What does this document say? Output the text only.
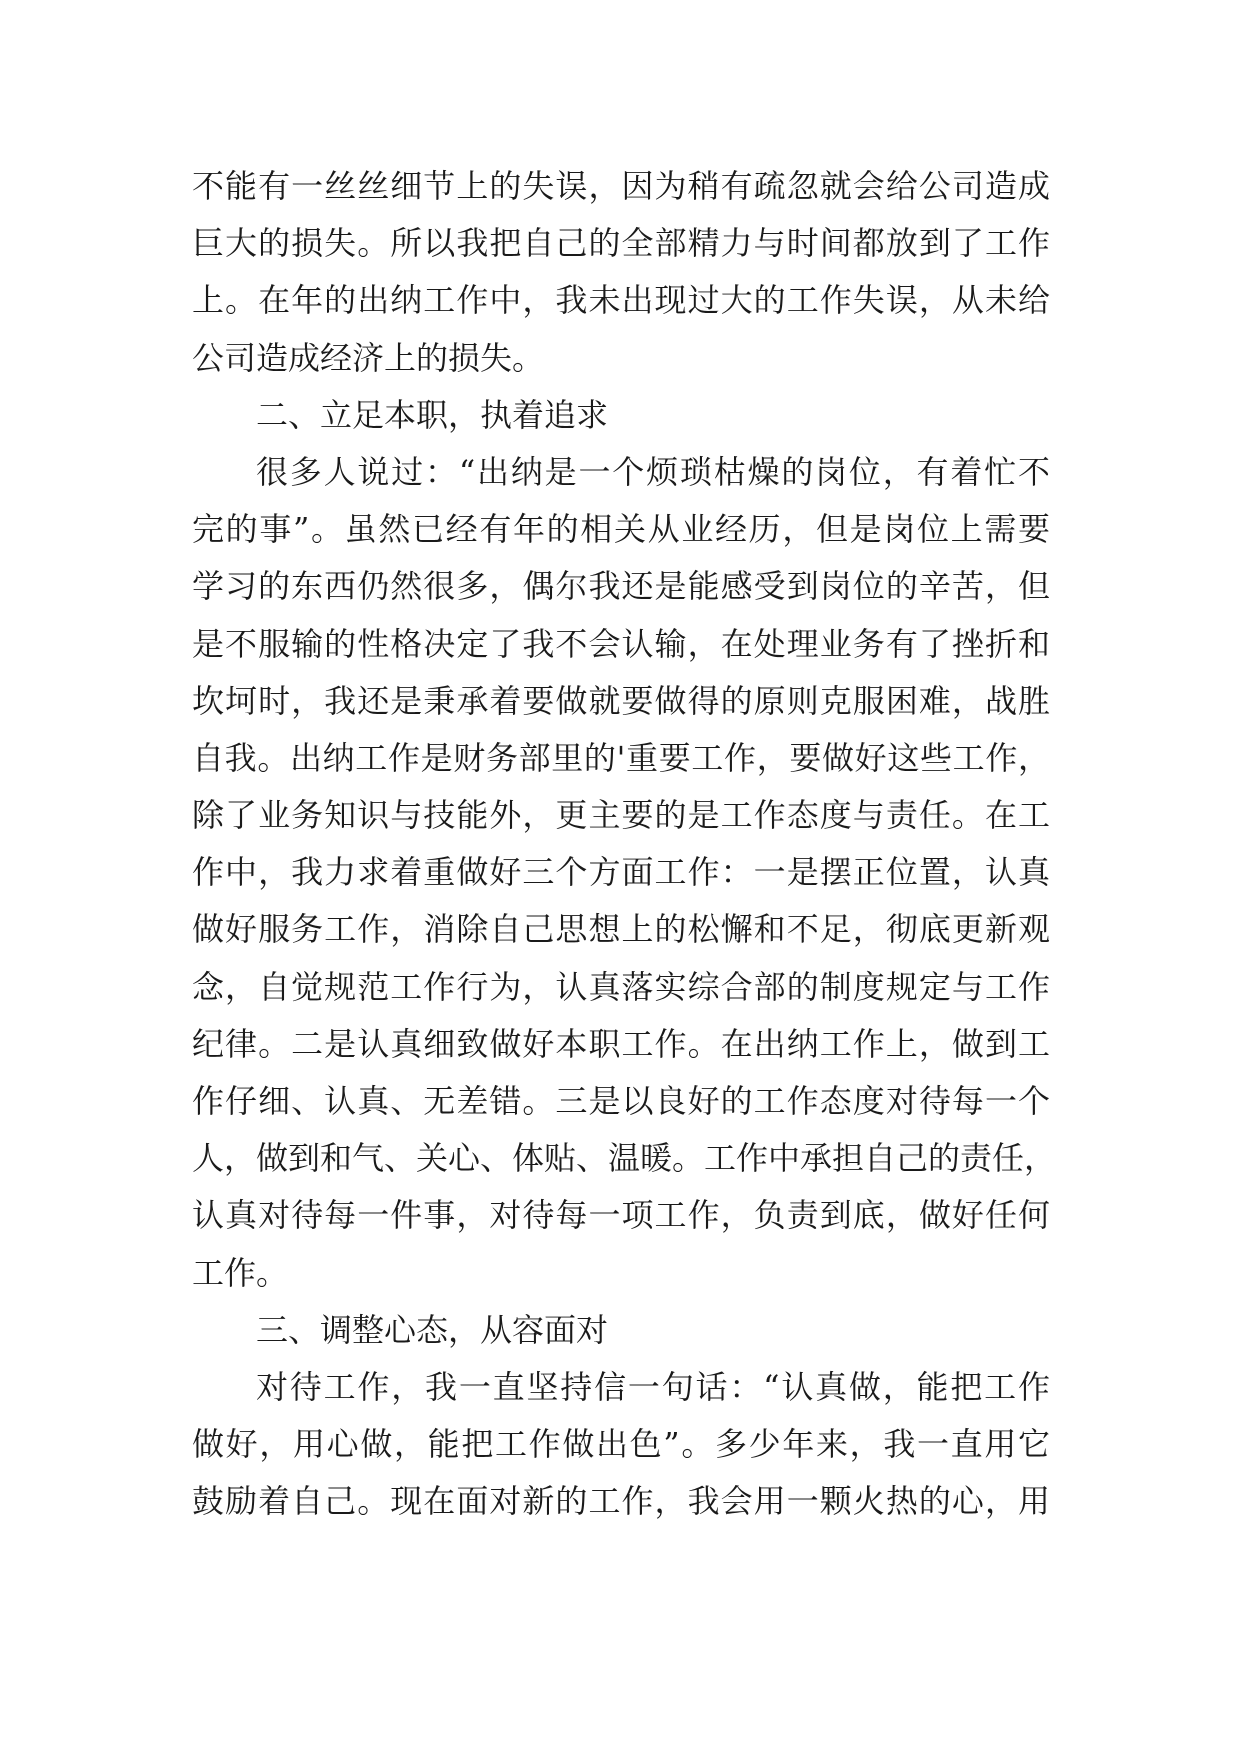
不能有一丝丝细节上的失误，因为稍有疏忽就会给公司造成
巨大的损失。所以我把自己的全部精力与时间都放到了工作
上。在年的出纳工作中，我未出现过大的工作失误，从未给
公司造成经济上的损失。
二、立足本职，执着追求
很多人说过：“出纳是一个烦琐枯燥的岗位，有着忙不
完的事”。虽然已经有年的相关从业经历，但是岗位上需要
学习的东西仍然很多，偶尔我还是能感受到岗位的辛苦，但
是不服输的性格决定了我不会认输，在处理业务有了挫折和
坎坷时，我还是秉承着要做就要做得的原则克服困难，战胜
自我。出纳工作是财务部里的'重要工作，要做好这些工作，
除了业务知识与技能外，更主要的是工作态度与责任。在工
作中，我力求着重做好三个方面工作：一是摆正位置，认真
做好服务工作，消除自己思想上的松懈和不足，彻底更新观
念，自觉规范工作行为，认真落实综合部的制度规定与工作
纪律。二是认真细致做好本职工作。在出纳工作上，做到工
作仔细、认真、无差错。三是以良好的工作态度对待每一个
人，做到和气、关心、体贴、温暖。工作中承担自己的责任，
认真对待每一件事，对待每一项工作，负责到底，做好任何
工作。
三、调整心态，从容面对
对待工作，我一直坚持信一句话：“认真做，能把工作
做好，用心做，能把工作做出色”。多少年来，我一直用它
鼓励着自己。现在面对新的工作，我会用一颗火热的心，用
